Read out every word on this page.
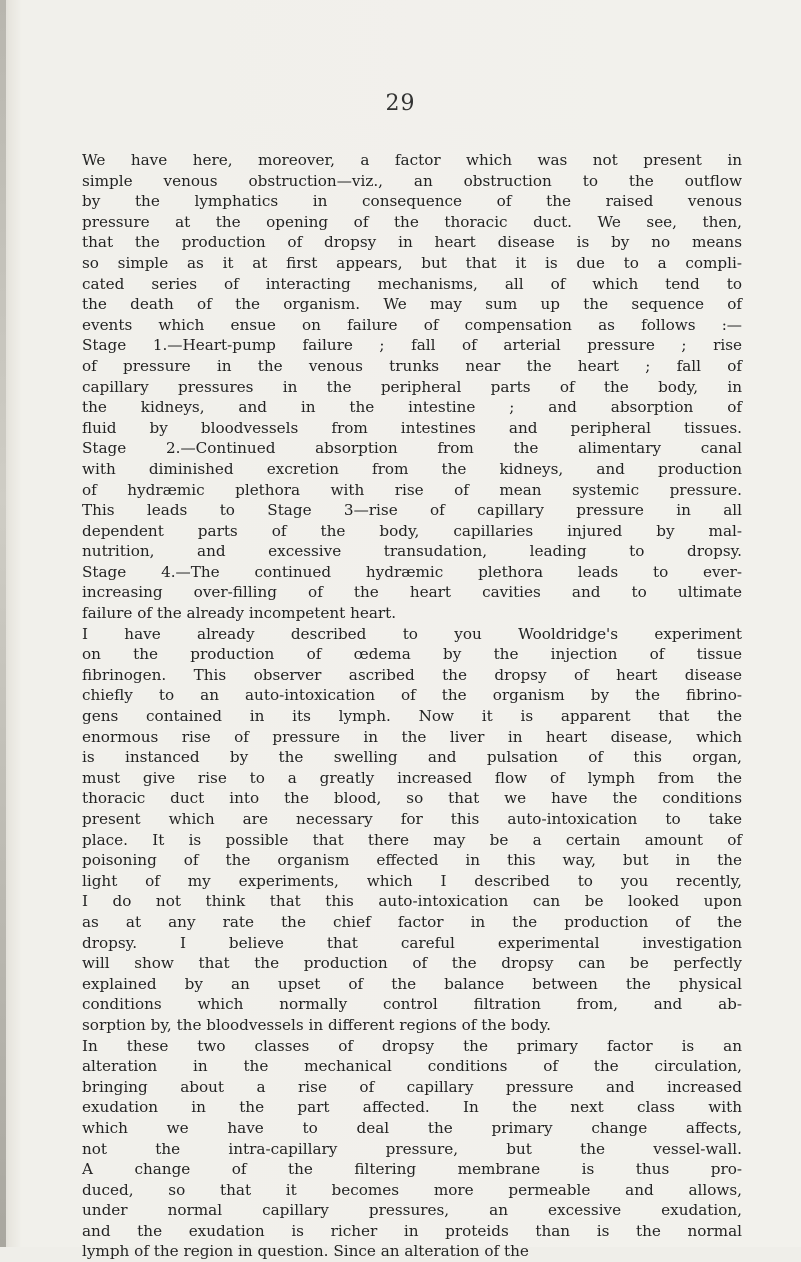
29
We have here, moreover, a factor which was not present in
simple venous obstruction—viz., an obstruction to the outflow
by the lymphatics in consequence of the raised venous
pressure at the opening of the thoracic duct. We see, then,
that the production of dropsy in heart disease is by no means
so simple as it at first appears, but that it is due to a compli-
cated series of interacting mechanisms, all of which tend to
the death of the organism. We may sum up the sequence of
events which ensue on failure of compensation as follows :—
Stage 1.—Heart-pump failure ; fall of arterial pressure ; rise
of pressure in the venous trunks near the heart ; fall of
capillary pressures in the peripheral parts of the body, in
the kidneys, and in the intestine ; and absorption of
fluid by bloodvessels from intestines and peripheral tissues.
Stage 2.—Continued absorption from the alimentary canal
with diminished excretion from the kidneys, and production
of hydræmic plethora with rise of mean systemic pressure.
This leads to Stage 3—rise of capillary pressure in all
dependent parts of the body, capillaries injured by mal-
nutrition, and excessive transudation, leading to dropsy.
Stage 4.—The continued hydræmic plethora leads to ever-
increasing over-filling of the heart cavities and to ultimate
failure of the already incompetent heart.
I have already described to you Wooldridge's experiment
on the production of œdema by the injection of tissue
fibrinogen. This observer ascribed the dropsy of heart disease
chiefly to an auto-intoxication of the organism by the fibrino-
gens contained in its lymph. Now it is apparent that the
enormous rise of pressure in the liver in heart disease, which
is instanced by the swelling and pulsation of this organ,
must give rise to a greatly increased flow of lymph from the
thoracic duct into the blood, so that we have the conditions
present which are necessary for this auto-intoxication to take
place. It is possible that there may be a certain amount of
poisoning of the organism effected in this way, but in the
light of my experiments, which I described to you recently,
I do not think that this auto-intoxication can be looked upon
as at any rate the chief factor in the production of the
dropsy. I believe that careful experimental investigation
will show that the production of the dropsy can be perfectly
explained by an upset of the balance between the physical
conditions which normally control filtration from, and ab-
sorption by, the bloodvessels in different regions of the body.
In these two classes of dropsy the primary factor is an
alteration in the mechanical conditions of the circulation,
bringing about a rise of capillary pressure and increased
exudation in the part affected. In the next class with
which we have to deal the primary change affects,
not the intra-capillary pressure, but the vessel-wall.
A change of the filtering membrane is thus pro-
duced, so that it becomes more permeable and allows,
under normal capillary pressures, an excessive exudation,
and the exudation is richer in proteids than is the normal
lymph of the region in question. Since an alteration of the
